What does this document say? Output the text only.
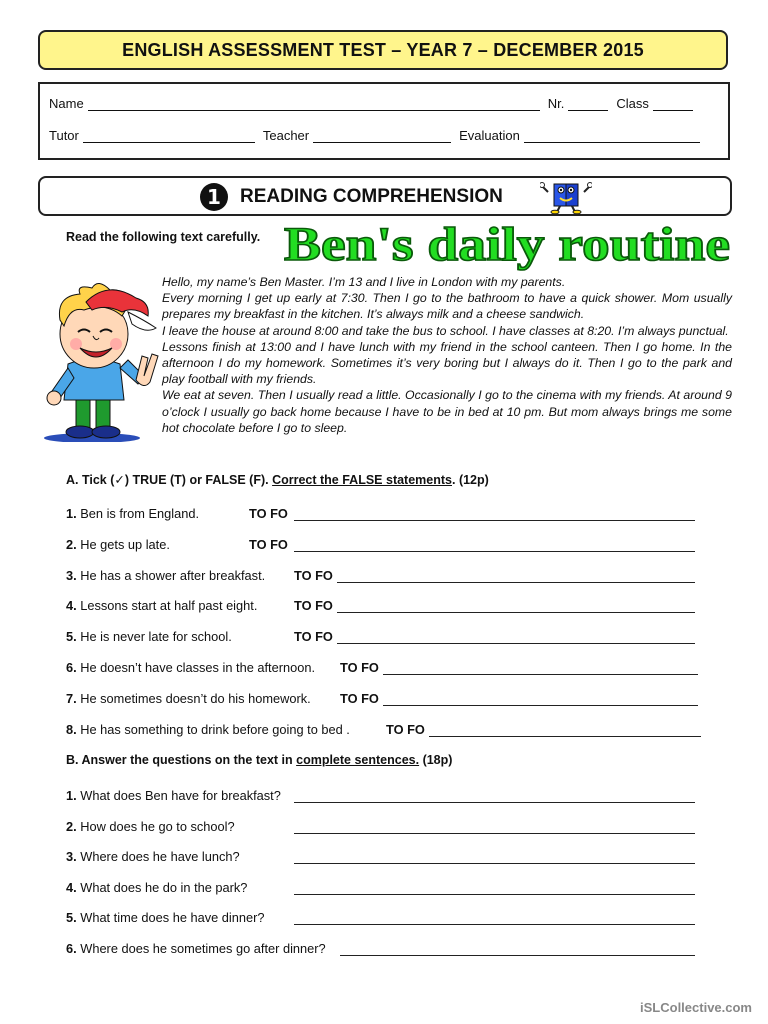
ENGLISH ASSESSMENT TEST – YEAR 7 – DECEMBER 2015
Name	Nr.	Class
Tutor	Teacher	Evaluation
1	READING COMPREHENSION
Read the following text carefully. Ben's daily routine

Hello, my name’s Ben Master. I’m 13 and I live in London with my parents.

Every morning I get up early at 7:30. Then I go to the bathroom to have a quick shower. Mom usually prepares my breakfast in the kitchen. It’s always milk and a cheese sandwich.

I leave the house at around 8:00 and take the bus to school. I have classes at 8:20. I’m always punctual.

Lessons finish at 13:00 and I have lunch with my friend in the school canteen. Then I go home. In the afternoon I do my homework. Sometimes it’s very boring but I always do it. Then I go to the park and play football with my friends.

We eat at seven. Then I usually read a little. Occasionally I go to the cinema with my friends. At around 9 o’clock I usually go back home because I have to be in bed at 10 pm. But mom always brings me some hot chocolate before I go to sleep.

A. Tick (✓) TRUE (T) or FALSE (F). Correct the FALSE statements. (12p)
1. Ben is from England.	TO FO
2. He gets up late.	TO FO
3. He has a shower after breakfast. TO FO
4. Lessons start at half past eight.	TO FO
5. He is never late for school.	TO FO
6. He doesn’t have classes in the afternoon. TO FO
7. He sometimes doesn’t do his homework. TO FO
8. He has something to drink before going to bed .	TO FO
B. Answer the questions on the text in complete sentences. (18p)
1. What does Ben have for breakfast?
2. How does he go to school?
3. Where does he have lunch?
4. What does he do in the park?
5. What time does he have dinner?
6. Where does he sometimes go after dinner?
iSLCollective.com
